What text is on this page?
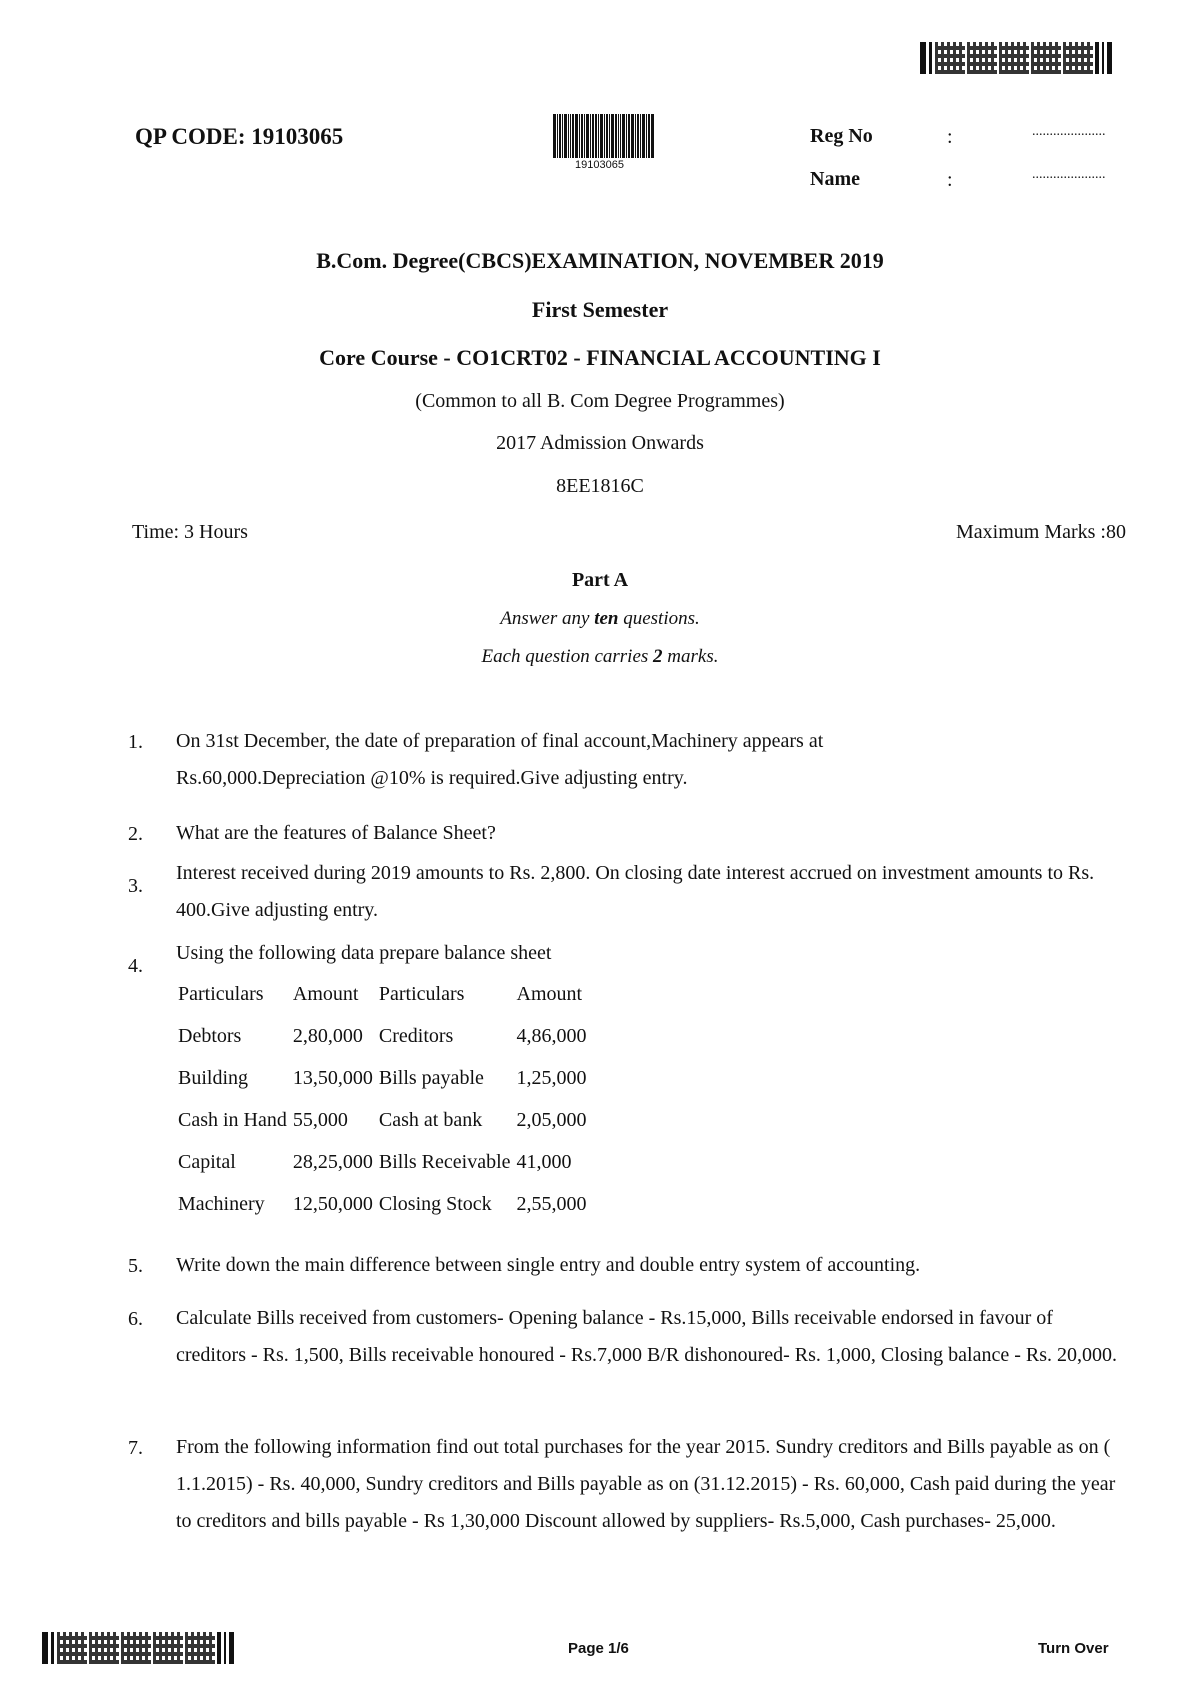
QP CODE: 19103065
19103065
Reg No	:	.....................
Name	:	.....................
B.Com. Degree(CBCS)EXAMINATION, NOVEMBER 2019
First Semester
Core Course - CO1CRT02 - FINANCIAL ACCOUNTING I
(Common to all B. Com Degree Programmes)
2017 Admission Onwards
8EE1816C
Time: 3 Hours	Maximum Marks :80
Part A
Answer any ten questions.
Each question carries 2 marks.
1. On 31st December, the date of preparation of final account,Machinery appears at Rs.60,000.Depreciation @10% is required.Give adjusting entry.
2. What are the features of Balance Sheet?
3.
Interest received during 2019 amounts to Rs. 2,800. On closing date interest accrued on investment amounts to Rs. 400.Give adjusting entry.
4.
Using the following data prepare balance sheet
Particulars	Amount	Particulars	Amount
Debtors	2,80,000	Creditors	4,86,000
Building	13,50,000	Bills payable	1,25,000
Cash in Hand	55,000	Cash at bank	2,05,000
Capital	28,25,000	Bills Receivable	41,000
Machinery	12,50,000	Closing Stock	2,55,000
5. Write down the main difference between single entry and double entry system of accounting.
6. Calculate Bills received from customers- Opening balance - Rs.15,000, Bills receivable endorsed in favour of creditors - Rs. 1,500, Bills receivable honoured - Rs.7,000 B/R dishonoured- Rs. 1,000, Closing balance - Rs. 20,000.
7. From the following information find out total purchases for the year 2015. Sundry creditors and Bills payable as on ( 1.1.2015) - Rs. 40,000, Sundry creditors and Bills payable as on (31.12.2015) - Rs. 60,000, Cash paid during the year to creditors and bills payable - Rs 1,30,000 Discount allowed by suppliers- Rs.5,000, Cash purchases- 25,000.
Page 1/6	Turn Over
